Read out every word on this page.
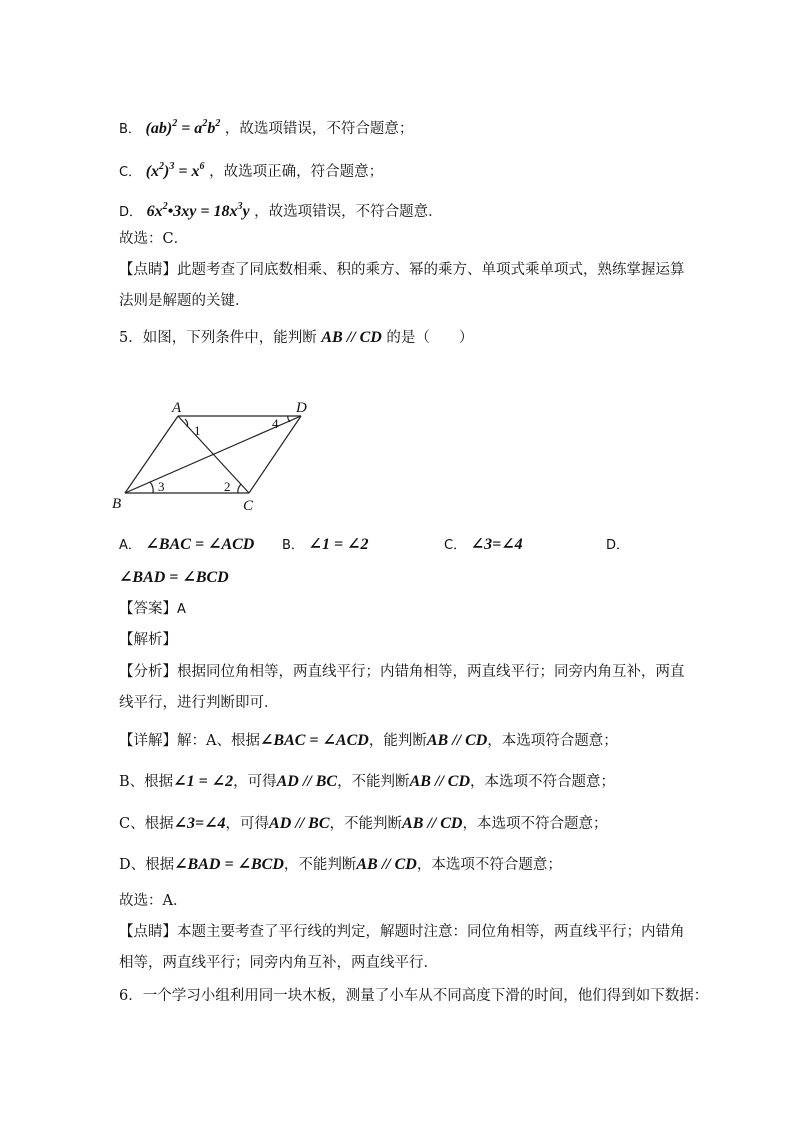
B． $(ab)^2 = a^2b^2$ ，故选项错误，不符合题意；
C． $(x^2)^3 = x^6$ ，故选项正确，符合题意；
D． $6x^2•3xy = 18x^3y$ ，故选项错误，不符合题意．
故选：C．
【点睛】此题考查了同底数相乘、积的乘方、幂的乘方、单项式乘单项式，熟练掌握运算
法则是解题的关键．
5．如图，下列条件中，能判断 AB // CD 的是（　　）
A	D
B	C
1	4
3	2
A． ∠BAC = ∠ACD B． ∠1 = ∠2	C． ∠3=∠4	D．
∠BAD = ∠BCD
【答案】A
【解析】
【分析】根据同位角相等，两直线平行；内错角相等，两直线平行；同旁内角互补，两直
线平行，进行判断即可．
【详解】解：A、根据∠BAC = ∠ACD，能判断AB // CD，本选项符合题意；
B、根据∠1 = ∠2，可得AD // BC，不能判断AB // CD，本选项不符合题意；
C、根据∠3=∠4，可得AD // BC，不能判断AB // CD，本选项不符合题意；
D、根据∠BAD = ∠BCD，不能判断AB // CD，本选项不符合题意；
故选：A．
【点睛】本题主要考查了平行线的判定，解题时注意：同位角相等，两直线平行；内错角
相等，两直线平行；同旁内角互补，两直线平行．
6．一个学习小组利用同一块木板，测量了小车从不同高度下滑的时间，他们得到如下数据：
